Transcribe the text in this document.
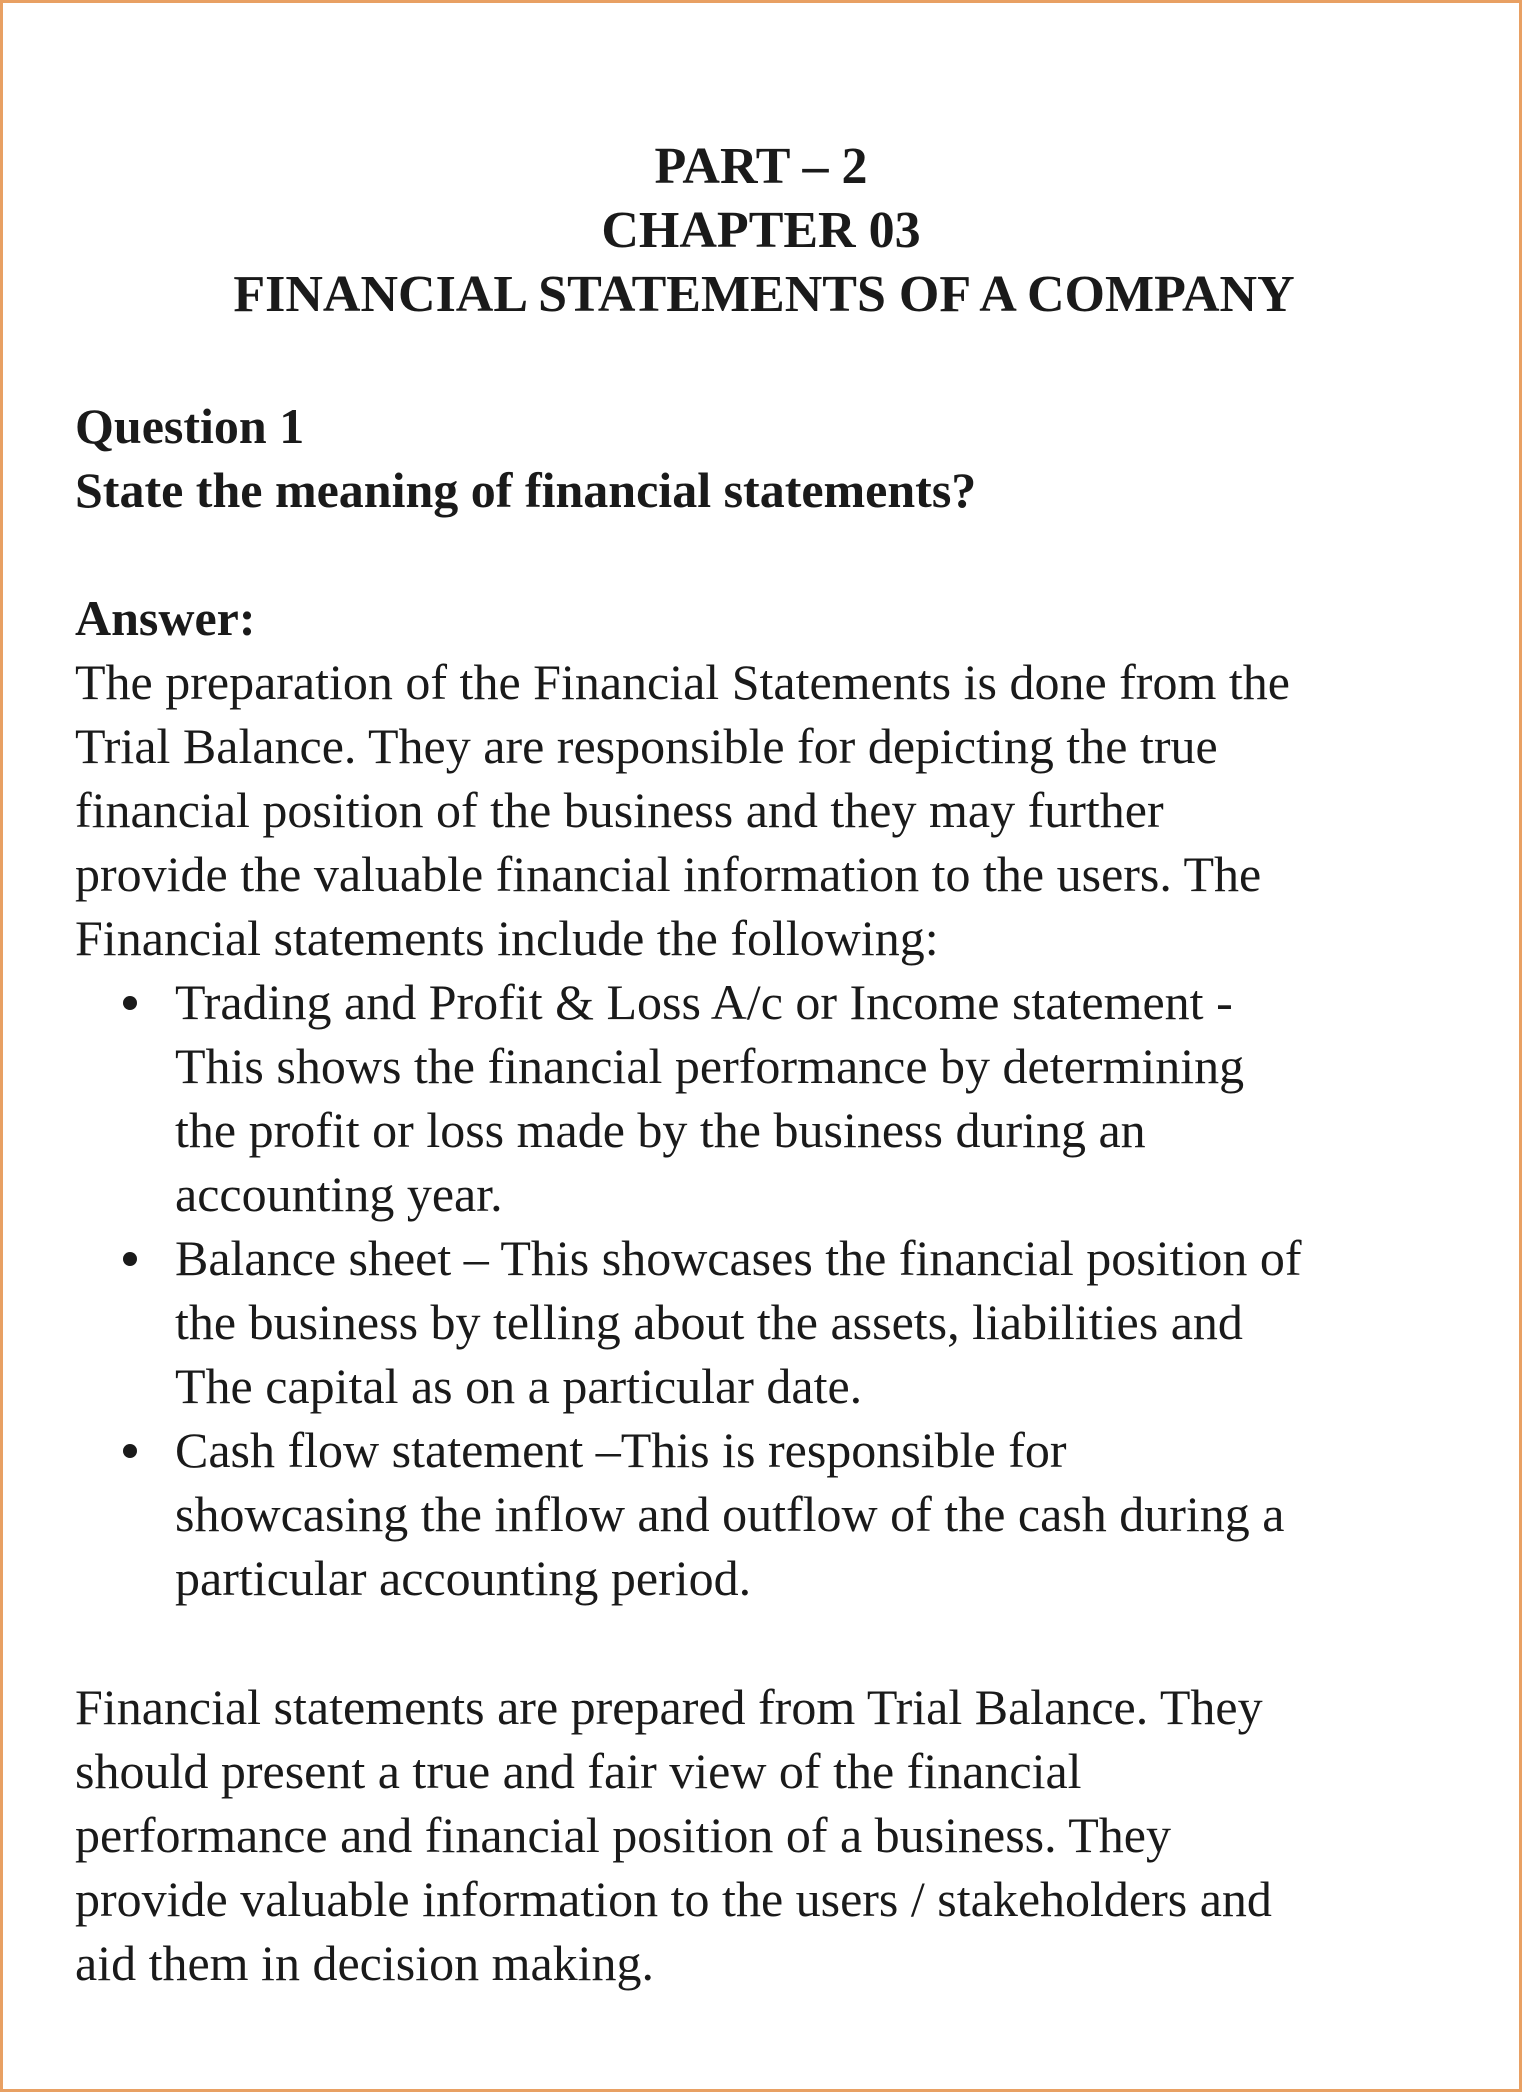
PART – 2
CHAPTER 03
FINANCIAL STATEMENTS OF A COMPANY
Question 1
State the meaning of financial statements?
Answer:
The preparation of the Financial Statements is done from the
Trial Balance. They are responsible for depicting the true
financial position of the business and they may further
provide the valuable financial information to the users. The
Financial statements include the following:
Trading and Profit & Loss A/c or Income statement -
This shows the financial performance by determining
the profit or loss made by the business during an
accounting year.
Balance sheet – This showcases the financial position of
the business by telling about the assets, liabilities and
The capital as on a particular date.
Cash flow statement –This is responsible for
showcasing the inflow and outflow of the cash during a
particular accounting period.
Financial statements are prepared from Trial Balance. They
should present a true and fair view of the financial
performance and financial position of a business. They
provide valuable information to the users / stakeholders and
aid them in decision making.
